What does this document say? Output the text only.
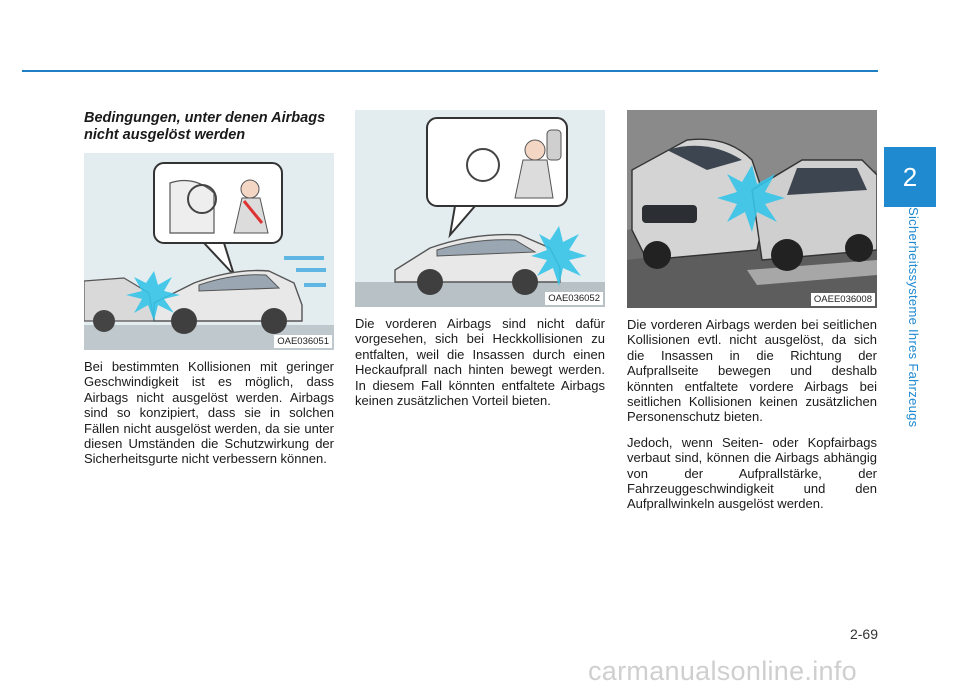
2
Sicherheitssysteme Ihres Fahrzeugs
Bedingungen, unter denen Airbags nicht ausgelöst werden
OAE036051

Bei bestimmten Kollisionen mit geringer Geschwindigkeit ist es möglich, dass Airbags nicht ausgelöst werden. Airbags sind so konzipiert, dass sie in solchen Fällen nicht ausgelöst werden, da sie unter diesen Umständen die Schutzwirkung der Sicherheitsgurte nicht verbessern können.

OAE036052

Die vorderen Airbags sind nicht dafür vorgesehen, sich bei Heckkollisionen zu entfalten, weil die Insassen durch einen Heckaufprall nach hinten bewegt werden. In diesem Fall könnten entfaltete Airbags keinen zusätzlichen Vorteil bieten.

OAEE036008

Die vorderen Airbags werden bei seitlichen Kollisionen evtl. nicht ausgelöst, da sich die Insassen in die Richtung der Aufprallseite bewegen und deshalb könnten entfaltete vordere Airbags bei seitlichen Kollisionen keinen zusätzlichen Personenschutz bieten.

Jedoch, wenn Seiten- oder Kopfairbags verbaut sind, können die Airbags abhängig von der Aufprallstärke, der Fahrzeuggeschwindigkeit und den Aufprallwinkeln ausgelöst werden.

2-69
carmanualsonline.info
